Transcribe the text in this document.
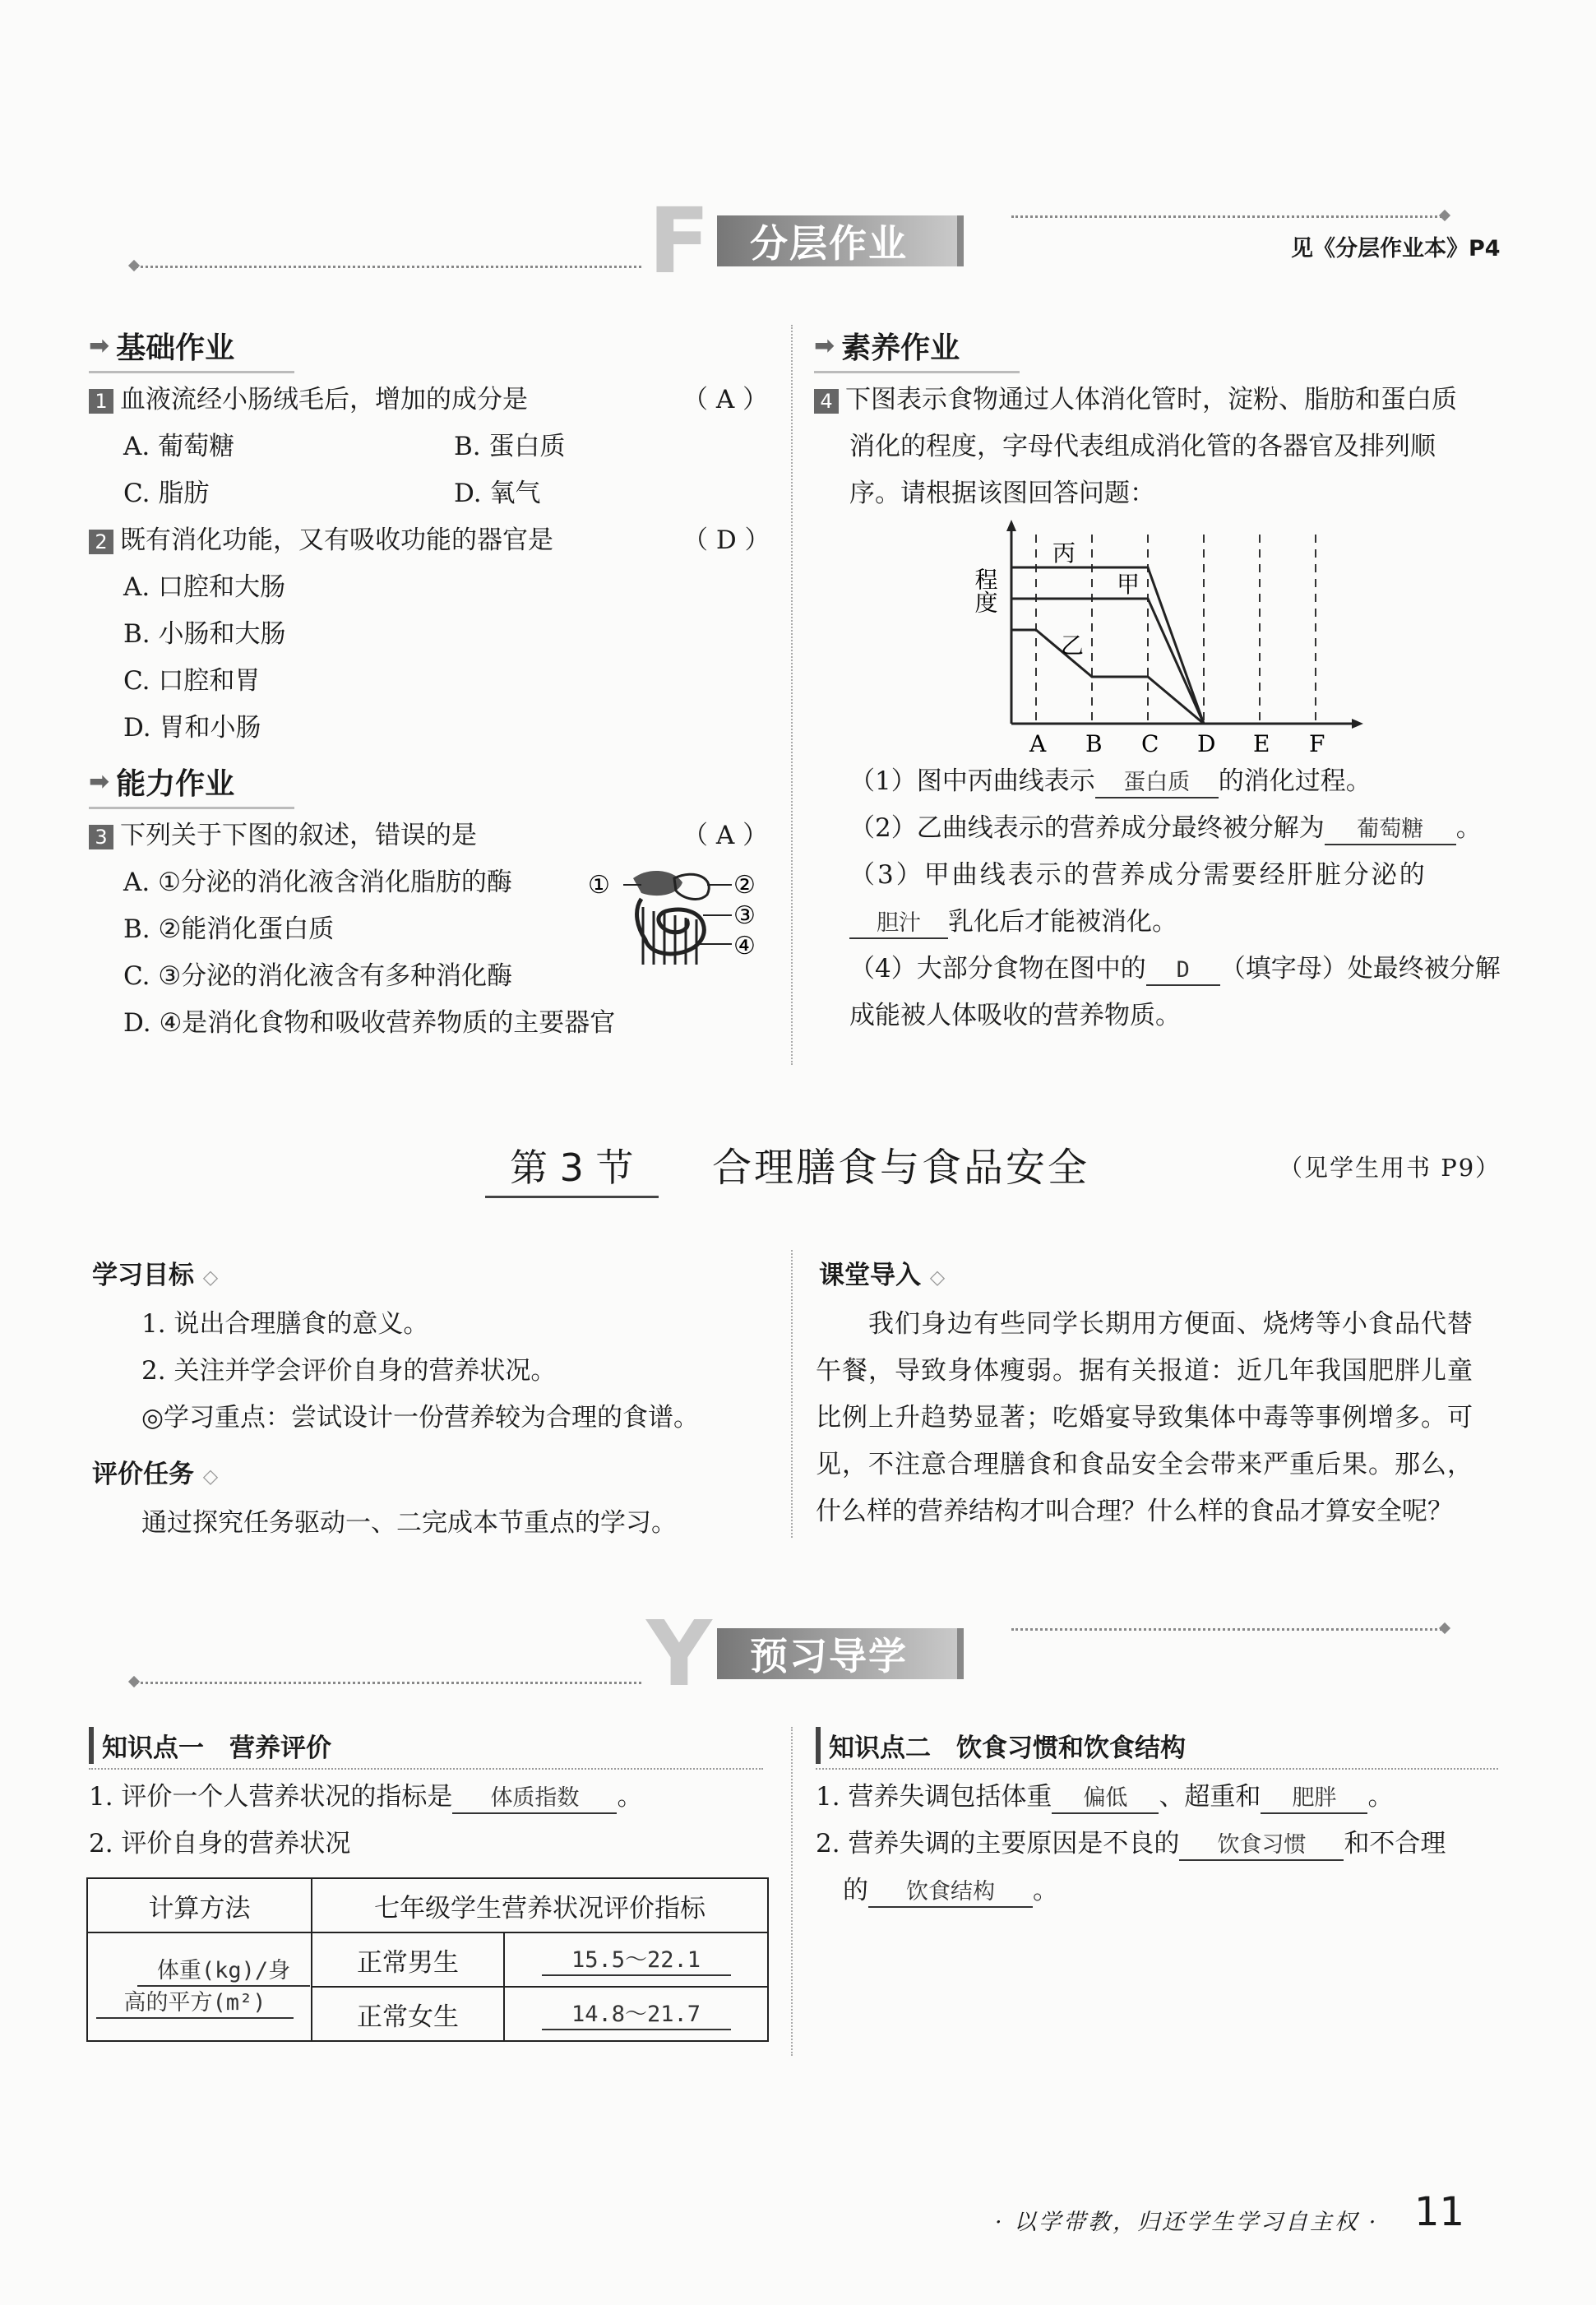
F 分层作业	见《分层作业本》P4
➡ 基础作业
1 血液流经小肠绒毛后，增加的成分是	（ A ）
A. 葡萄糖	B. 蛋白质
C. 脂肪	D. 氧气
2 既有消化功能，又有吸收功能的器官是	（ D ）
A. 口腔和大肠
B. 小肠和大肠
C. 口腔和胃
D. 胃和小肠
➡ 能力作业
3 下列关于下图的叙述，错误的是	（ A ）
A. ①分泌的消化液含消化脂肪的酶
B. ②能消化蛋白质
C. ③分泌的消化液含有多种消化酶
D. ④是消化食物和吸收营养物质的主要器官
①	②
③
④
➡ 素养作业
4 下图表示食物通过人体消化管时，淀粉、脂肪和蛋白质
消化的程度，字母代表组成消化管的各器官及排列顺
序。请根据该图回答问题：
程度
丙
甲
乙
A B C D E F
（1）图中丙曲线表示 蛋白质 的消化过程。
（2）乙曲线表示的营养成分最终被分解为 葡萄糖 。
（3）甲曲线表示的营养成分需要经肝脏分泌的
胆汁 乳化后才能被消化。
（4）大部分食物在图中的 D （填字母）处最终被分解
成能被人体吸收的营养物质。
第 3 节	合理膳食与食品安全	（见学生用书 P9）
学习目标 ◇
1. 说出合理膳食的意义。
2. 关注并学会评价自身的营养状况。
◎学习重点：尝试设计一份营养较为合理的食谱。
评价任务 ◇
通过探究任务驱动一、二完成本节重点的学习。
课堂导入 ◇
我们身边有些同学长期用方便面、烧烤等小食品代替
午餐，导致身体瘦弱。据有关报道：近几年我国肥胖儿童
比例上升趋势显著；吃婚宴导致集体中毒等事例增多。可
见，不注意合理膳食和食品安全会带来严重后果。那么，
什么样的营养结构才叫合理？什么样的食品才算安全呢？
Y 预习导学
知识点一　营养评价
1. 评价一个人营养状况的指标是 体质指数 。
2. 评价自身的营养状况
计算方法	七年级学生营养状况评价指标	

体重(kg)/身
高的平方(m²)	正常男生	15.5～22.1
	正常女生	14.8～21.7
知识点二　饮食习惯和饮食结构
1. 营养失调包括体重 偏低 、超重和 肥胖 。
2. 营养失调的主要原因是不良的 饮食习惯 和不合理
的 饮食结构 。
· 以学带教，归还学生学习自主权 · 11
